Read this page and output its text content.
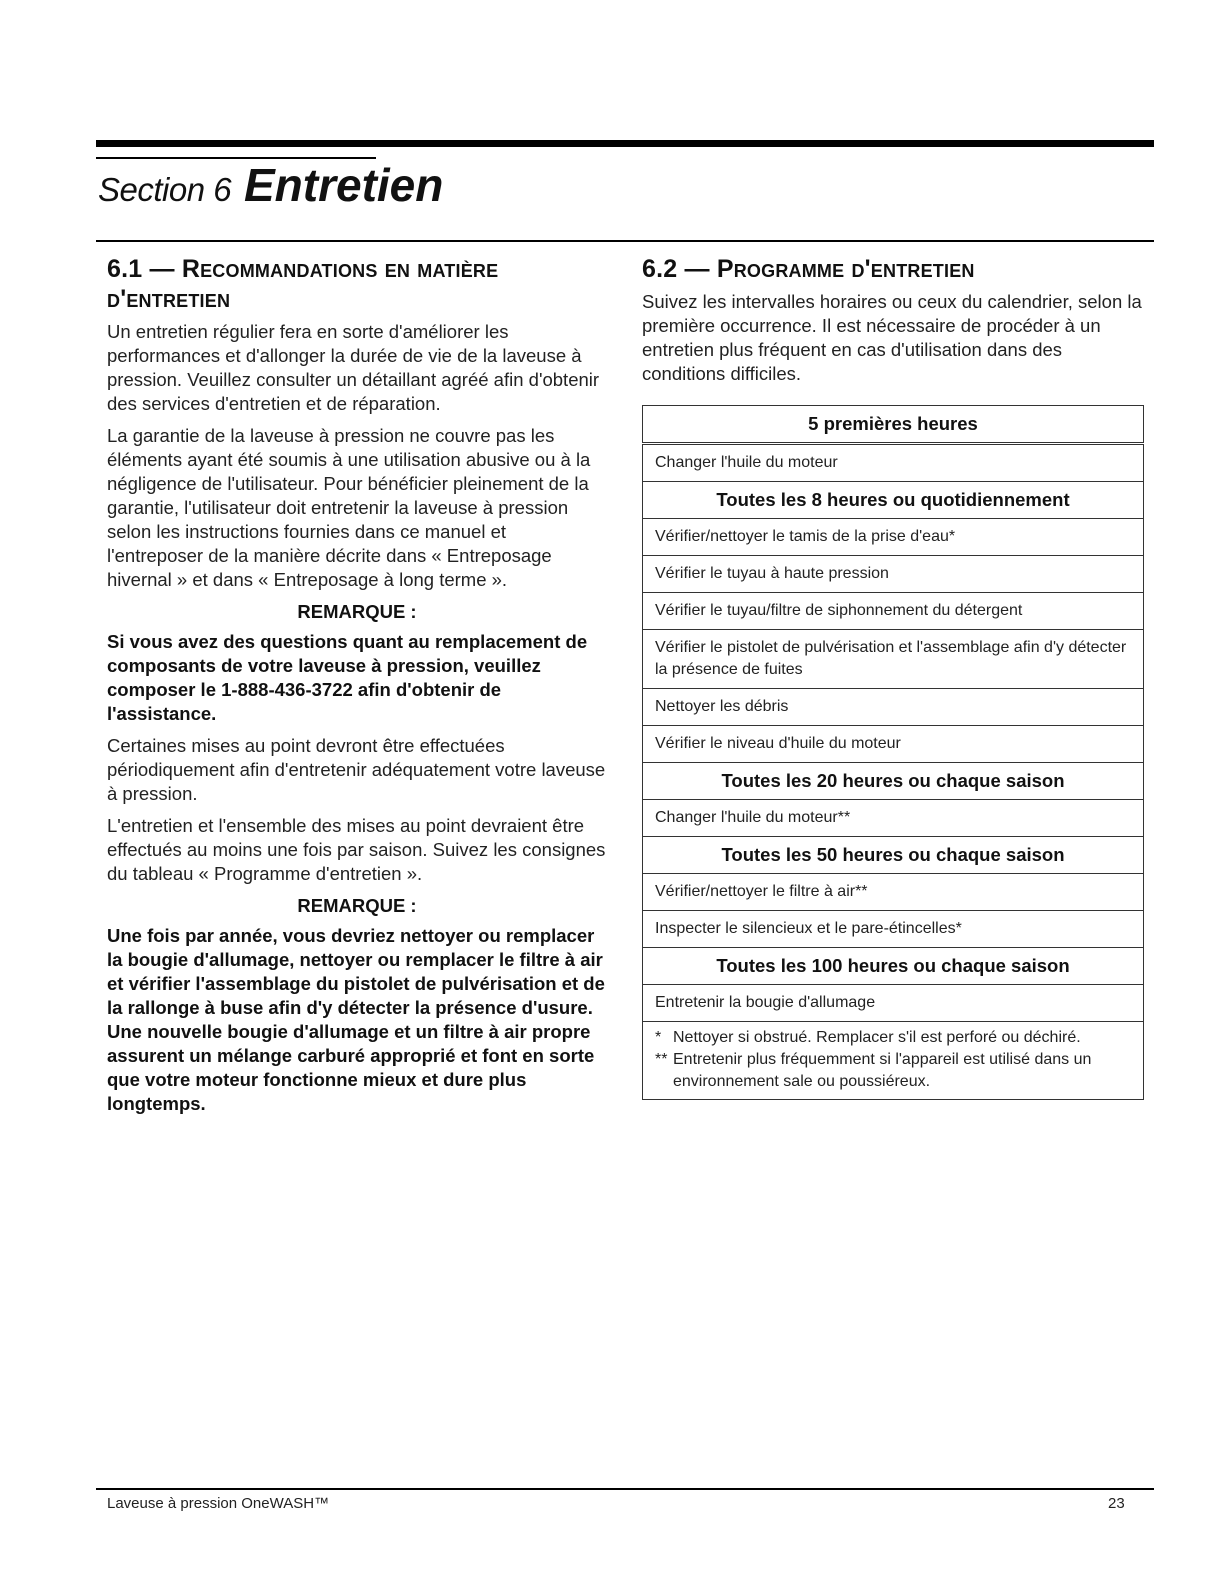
Section 6 Entretien
6.1 — Recommandations en matière
d'entretien

Un entretien régulier fera en sorte d'améliorer les performances et d'allonger la durée de vie de la laveuse à pression. Veuillez consulter un détaillant agréé afin d'obtenir des services d'entretien et de réparation.

La garantie de la laveuse à pression ne couvre pas les éléments ayant été soumis à une utilisation abusive ou à la négligence de l'utilisateur. Pour bénéficier pleinement de la garantie, l'utilisateur doit entretenir la laveuse à pression selon les instructions fournies dans ce manuel et l'entreposer de la manière décrite dans « Entreposage hivernal » et dans « Entreposage à long terme ».

REMARQUE :

Si vous avez des questions quant au remplacement de composants de votre laveuse à pression, veuillez composer le 1-888-436-3722 afin d'obtenir de l'assistance.

Certaines mises au point devront être effectuées périodiquement afin d'entretenir adéquatement votre laveuse à pression.

L'entretien et l'ensemble des mises au point devraient être effectués au moins une fois par saison. Suivez les consignes du tableau « Programme d'entretien ».

REMARQUE :

Une fois par année, vous devriez nettoyer ou remplacer la bougie d'allumage, nettoyer ou remplacer le filtre à air et vérifier l'assemblage du pistolet de pulvérisation et de la rallonge à buse afin d'y détecter la présence d'usure. Une nouvelle bougie d'allumage et un filtre à air propre assurent un mélange carburé approprié et font en sorte que votre moteur fonctionne mieux et dure plus longtemps.

6.2 — Programme d'entretien

Suivez les intervalles horaires ou ceux du calendrier, selon la première occurrence. Il est nécessaire de procéder à un entretien plus fréquent en cas d'utilisation dans des conditions difficiles.

5 premières heures
Changer l'huile du moteur
Toutes les 8 heures ou quotidiennement
Vérifier/nettoyer le tamis de la prise d'eau*
Vérifier le tuyau à haute pression
Vérifier le tuyau/filtre de siphonnement du détergent
Vérifier le pistolet de pulvérisation et l'assemblage afin d'y détecter la présence de fuites
Nettoyer les débris
Vérifier le niveau d'huile du moteur
Toutes les 20 heures ou chaque saison
Changer l'huile du moteur**
Toutes les 50 heures ou chaque saison
Vérifier/nettoyer le filtre à air**
Inspecter le silencieux et le pare-étincelles*
Toutes les 100 heures ou chaque saison
Entretenir la bougie d'allumage

* Nettoyer si obstrué. Remplacer s'il est perforé ou déchiré.
** Entretenir plus fréquemment si l'appareil est utilisé dans un environnement sale ou poussiéreux.
Laveuse à pression OneWASH™	23
